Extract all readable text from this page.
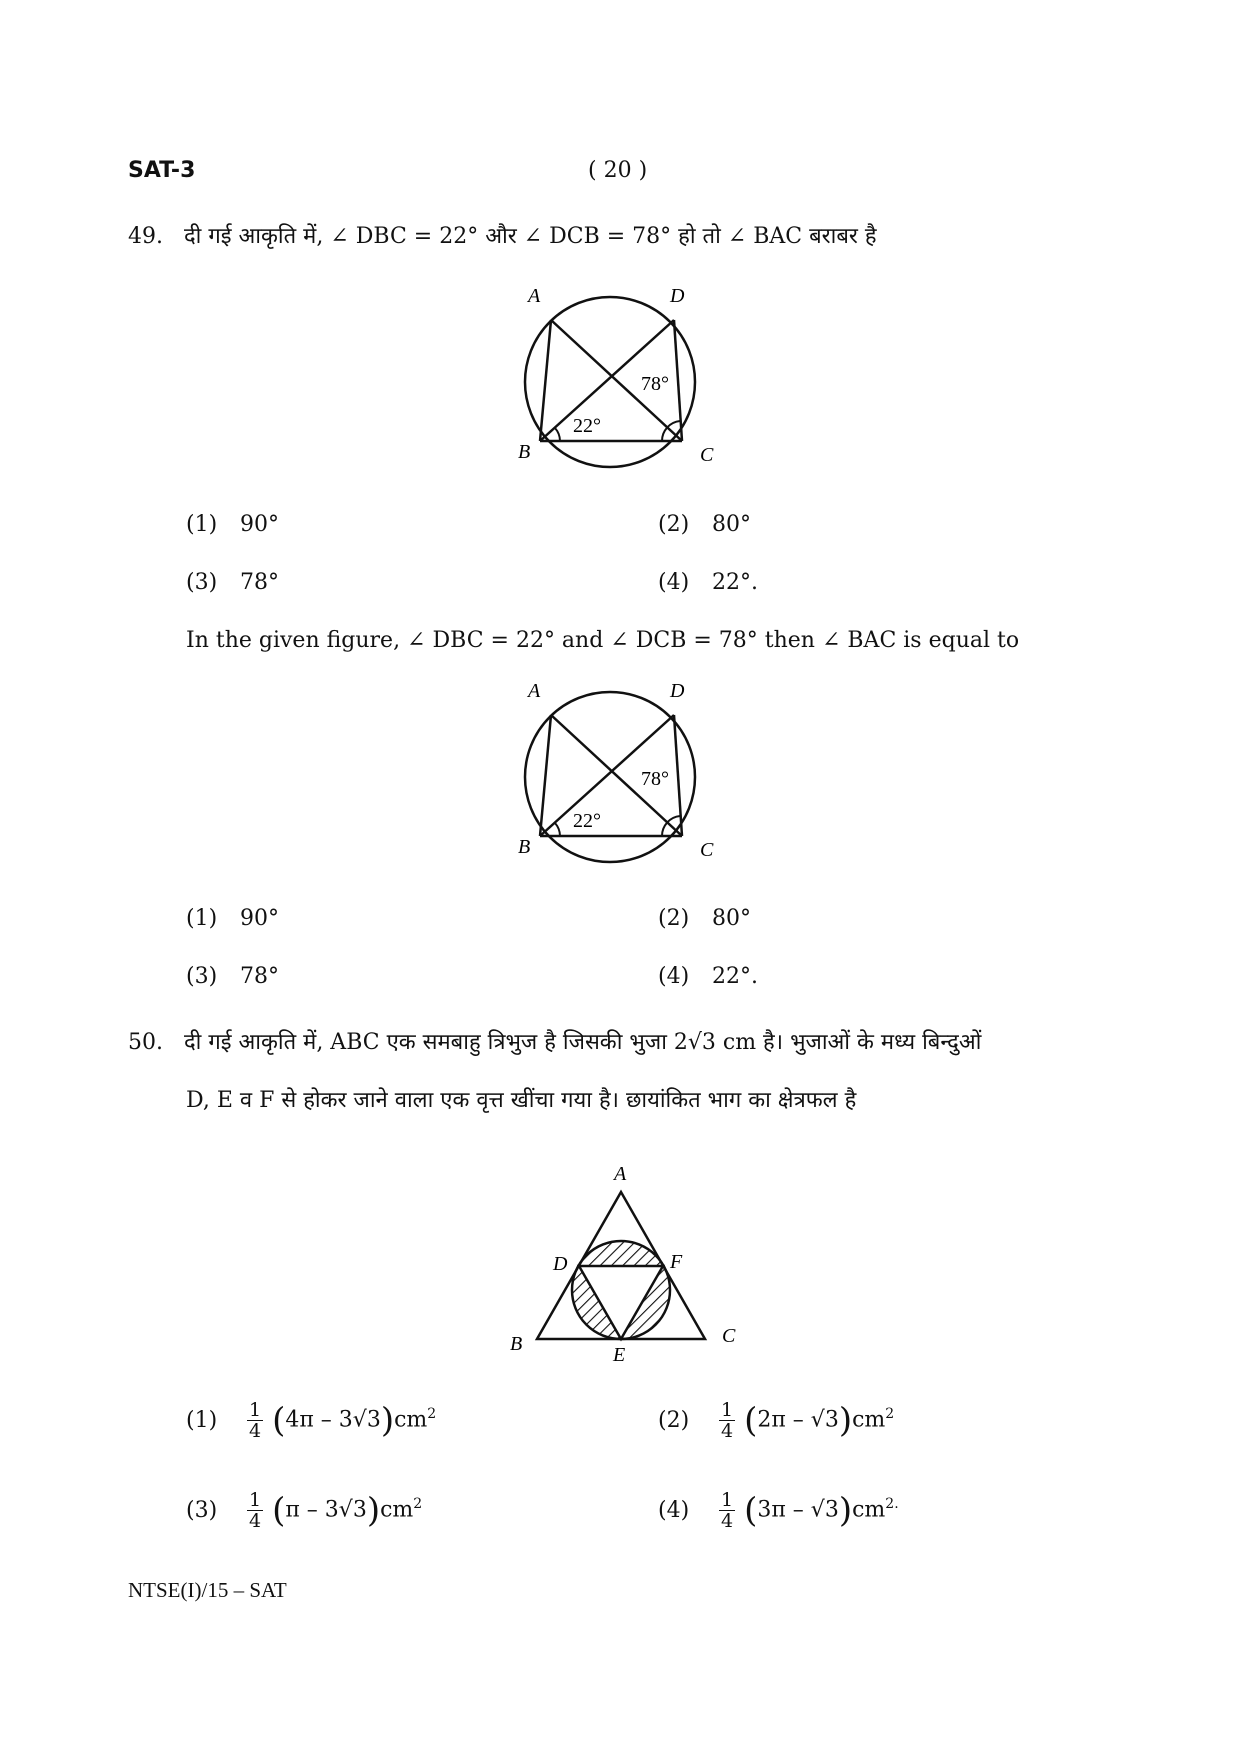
SAT-3	( 20 )
49. दी गई आकृति में, ∠ DBC = 22° और ∠ DCB = 78° हो तो ∠ BAC बराबर है
A	D
B	C
22°
78°
(1) 90°	(2) 80°
(3) 78°	(4) 22°.
In the given figure, ∠ DBC = 22° and ∠ DCB = 78° then ∠ BAC is equal to
A	D
B	C
22°
78°
(1) 90°	(2) 80°
(3) 78°	(4) 22°.
50. दी गई आकृति में, ABC एक समबाहु त्रिभुज है जिसकी भुजा 2√3 cm है। भुजाओं के मध्य बिन्दुओं
D, E व F से होकर जाने वाला एक वृत्त खींचा गया है। छायांकित भाग का क्षेत्रफल है
A
D	F
B	E
C
$(1) \frac{1}{4} (4\pi - 3√3)cm^2$	$(2) \frac{1}{4} (2\pi - √3)cm^2$
$(3) \frac{1}{4} (\pi - 3√3)cm^2$	$(4) \frac{1}{4} (3\pi - √3)cm^{2.}$
NTSE(I)/15 – SAT
